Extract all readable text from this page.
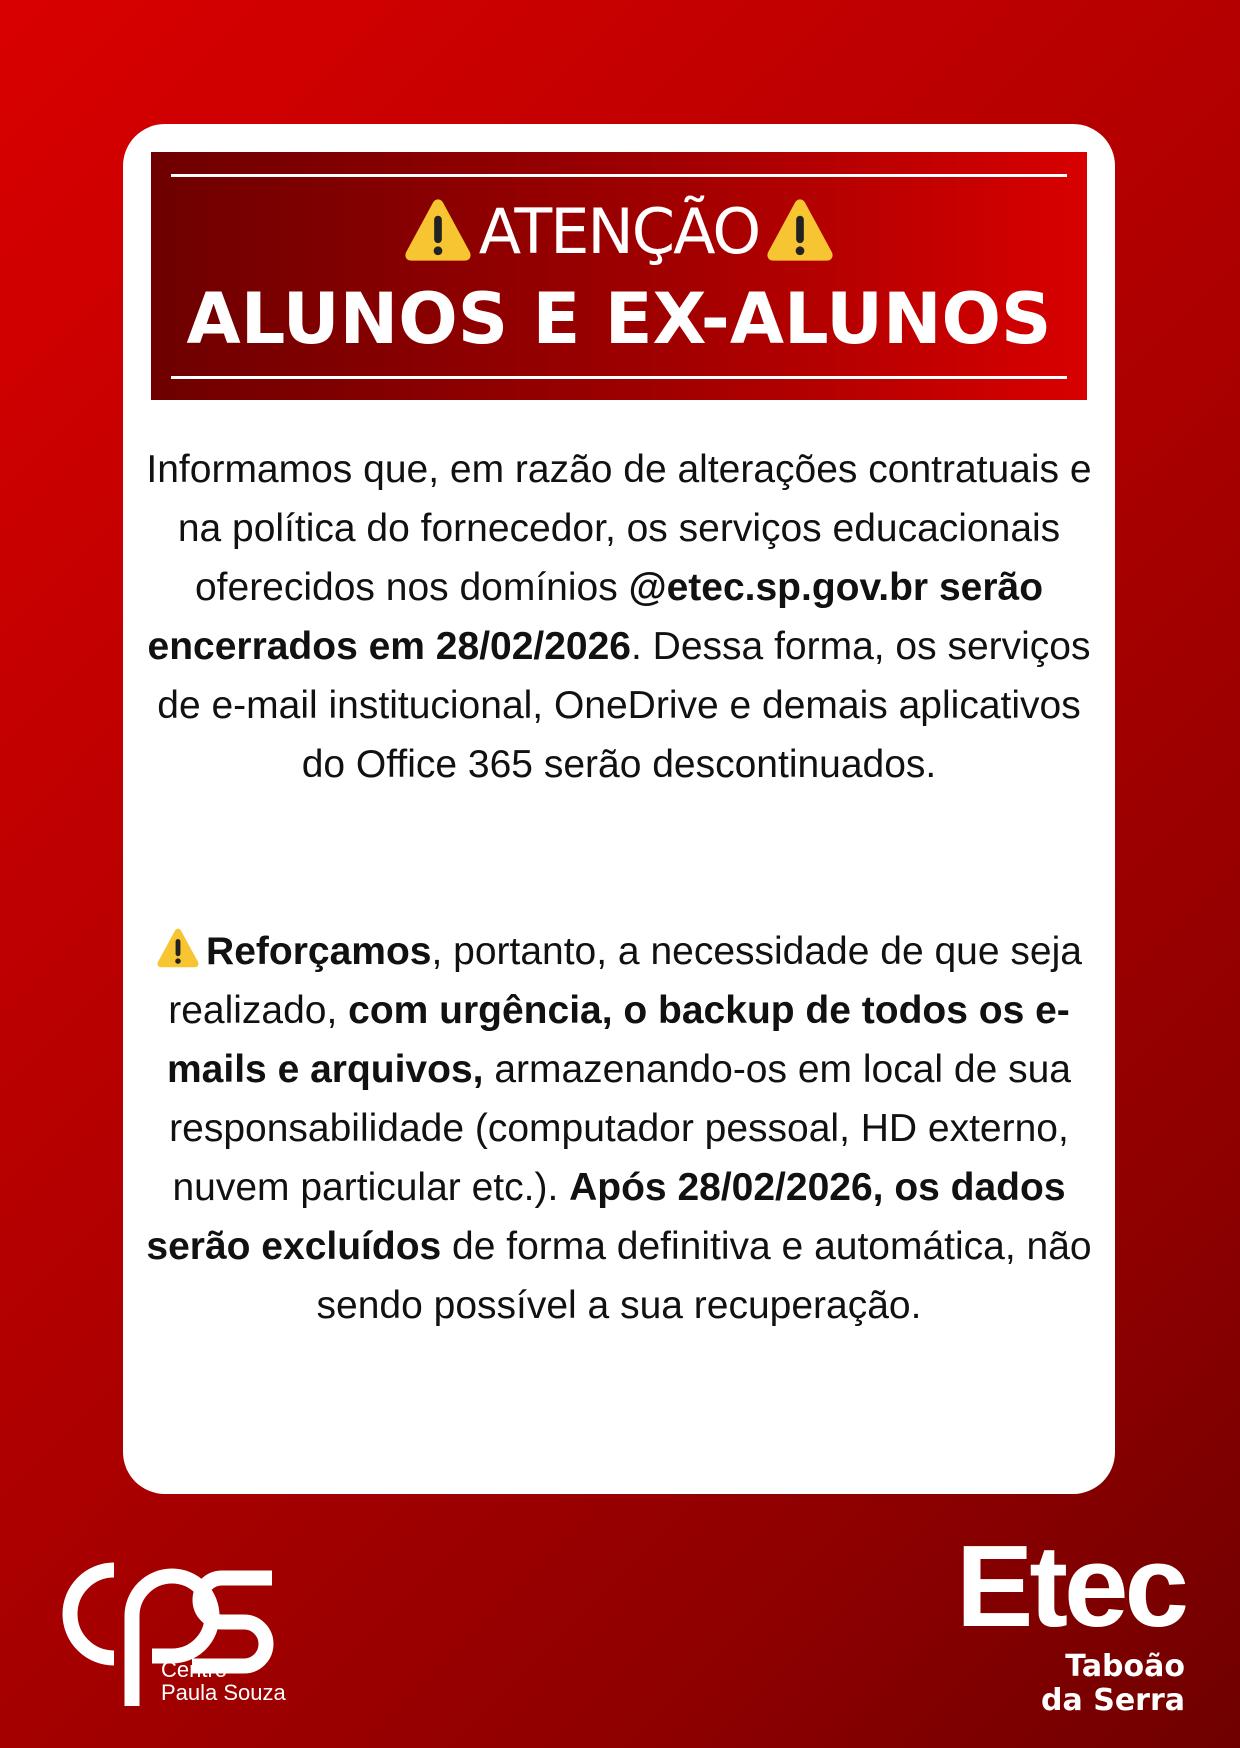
ATENÇÃO
ALUNOS E EX-ALUNOS
Informamos que, em razão de alterações contratuais e na política do fornecedor, os serviços educacionais oferecidos nos domínios @etec.sp.gov.br serão encerrados em 28/02/2026. Dessa forma, os serviços de e-mail institucional, OneDrive e demais aplicativos do Office 365 serão descontinuados.
Reforçamos, portanto, a necessidade de que seja realizado, com urgência, o backup de todos os e-mails e arquivos, armazenando-os em local de sua responsabilidade (computador pessoal, HD externo, nuvem particular etc.). Após 28/02/2026, os dados serão excluídos de forma definitiva e automática, não sendo possível a sua recuperação.
Centro
Paula Souza
Etec
Taboão
da Serra
